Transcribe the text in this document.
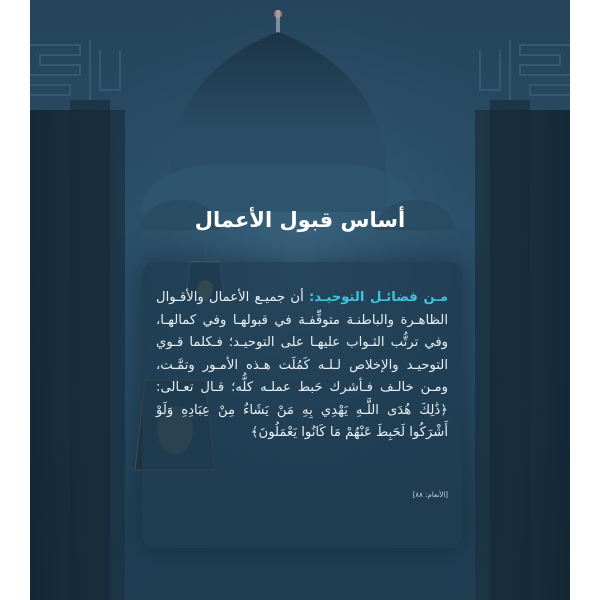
أساس قبول الأعمال

مـن فضائـل التوحيـد: أن جميـع الأعمال والأقـوال الظاهـرة والباطنـة متوقِّفـة في قبولهـا وفي كمالهـا، وفي ترتُّب الثـواب عليهـا على التوحيـد؛ فـكلما قـوي التوحيـد والإخلاص لـلـه كَمُلَت هـذه الأمـور وتمَّـت، ومـن خالـف فـأشرك حَبط عملـه كلُّه؛ قـال تعـالى: ﴿ذَٰلِكَ هُدَى اللَّـهِ يَهْدِي بِهِ مَنْ يَشَاءُ مِنْ عِبَادِهِ وَلَوْ أَشْرَكُوا لَحَبِطَ عَنْهُمْ مَا كَانُوا يَعْمَلُونَ﴾

[الأنعام: ٨٨]
